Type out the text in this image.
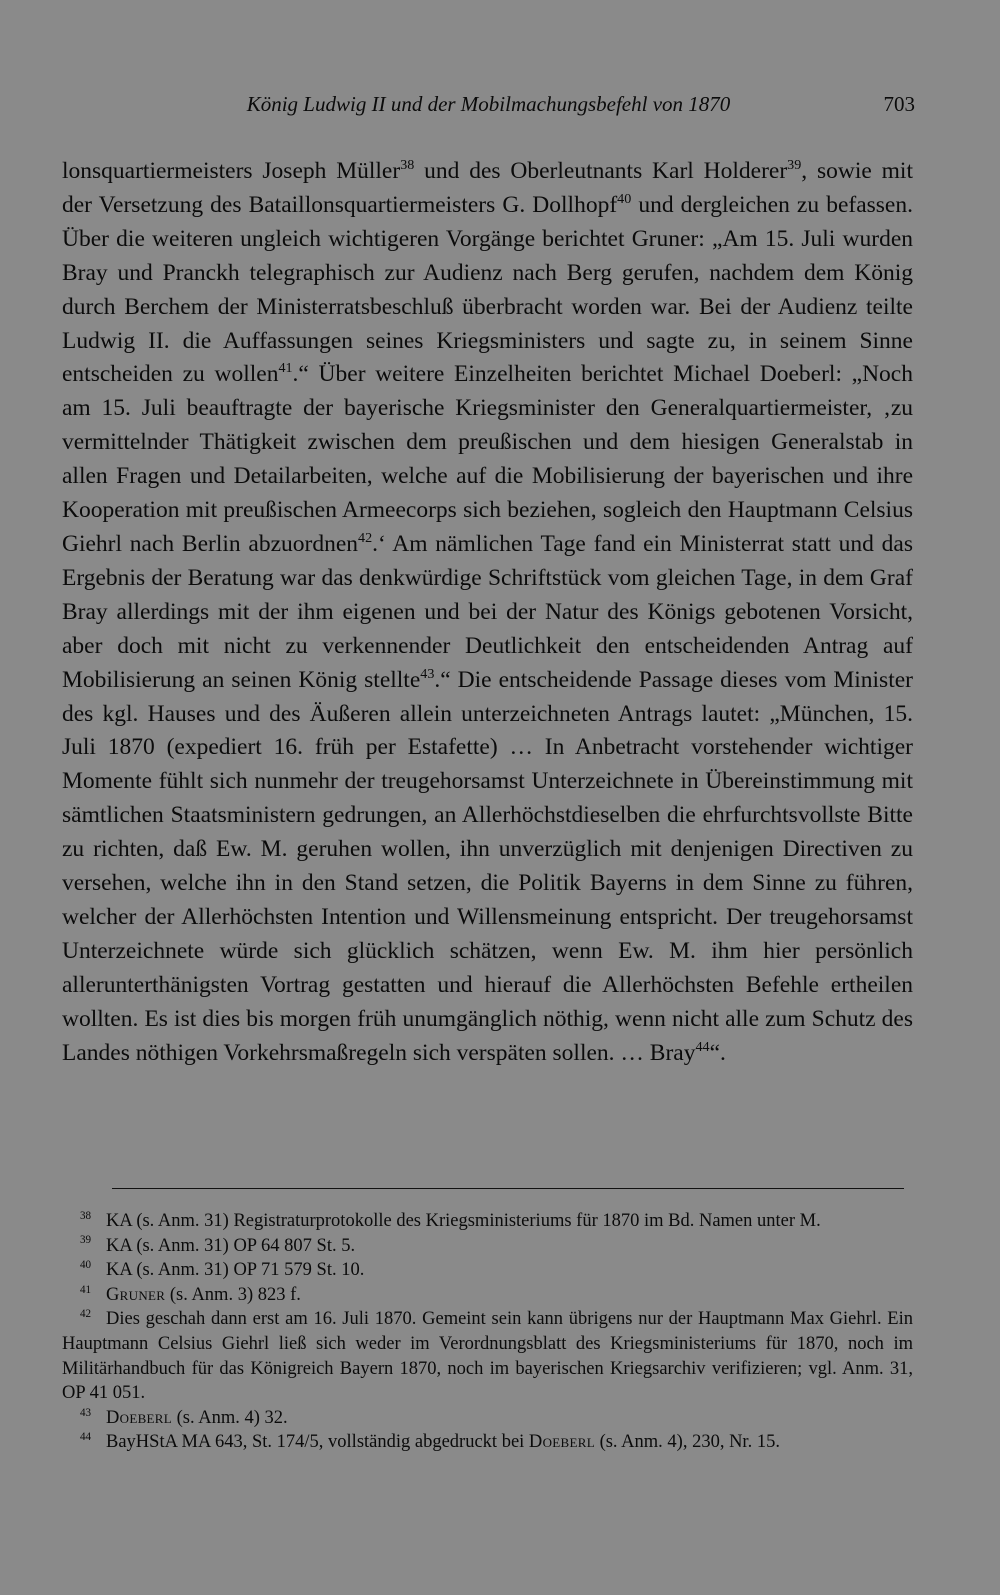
König Ludwig II und der Mobilmachungsbefehl von 1870	703
lonsquartiermeisters Joseph Müller$^{38}$ und des Oberleutnants Karl Holderer$^{39}$, sowie mit der Versetzung des Bataillonsquartiermeisters G. Dollhopf$^{40}$ und dergleichen zu befassen. Über die weiteren ungleich wichtigeren Vorgänge berichtet Gruner: „Am 15. Juli wurden Bray und Pranckh telegraphisch zur Audienz nach Berg gerufen, nachdem dem König durch Berchem der Ministerratsbeschluß überbracht worden war. Bei der Audienz teilte Ludwig II. die Auffassungen seines Kriegsministers und sagte zu, in seinem Sinne entscheiden zu wollen$^{41}$.“ Über weitere Einzelheiten berichtet Michael Doeberl: „Noch am 15. Juli beauftragte der bayerische Kriegsminister den Generalquartiermeister, ‚zu vermittelnder Thätigkeit zwischen dem preußischen und dem hiesigen Generalstab in allen Fragen und Detailarbeiten, welche auf die Mobilisierung der bayerischen und ihre Kooperation mit preußischen Armeecorps sich beziehen, sogleich den Hauptmann Celsius Giehrl nach Berlin abzuordnen$^{42}$.‘ Am nämlichen Tage fand ein Ministerrat statt und das Ergebnis der Beratung war das denkwürdige Schriftstück vom gleichen Tage, in dem Graf Bray allerdings mit der ihm eigenen und bei der Natur des Königs gebotenen Vorsicht, aber doch mit nicht zu verkennender Deutlichkeit den entscheidenden Antrag auf Mobilisierung an seinen König stellte$^{43}$.“ Die entscheidende Passage dieses vom Minister des kgl. Hauses und des Äußeren allein unterzeichneten Antrags lautet: „München, 15. Juli 1870 (expediert 16. früh per Estafette) … In Anbetracht vorstehender wichtiger Momente fühlt sich nunmehr der treugehorsamst Unterzeichnete in Übereinstimmung mit sämtlichen Staatsministern gedrungen, an Allerhöchstdieselben die ehrfurchtsvollste Bitte zu richten, daß Ew. M. geruhen wollen, ihn unverzüglich mit denjenigen Directiven zu versehen, welche ihn in den Stand setzen, die Politik Bayerns in dem Sinne zu führen, welcher der Allerhöchsten Intention und Willensmeinung entspricht. Der treugehorsamst Unterzeichnete würde sich glücklich schätzen, wenn Ew. M. ihm hier persönlich allerunterthänigsten Vortrag gestatten und hierauf die Allerhöchsten Befehle ertheilen wollten. Es ist dies bis morgen früh unumgänglich nöthig, wenn nicht alle zum Schutz des Landes nöthigen Vorkehrsmaßregeln sich verspäten sollen. … Bray$^{44}$“.

$^{38}$ KA (s. Anm. 31) Registraturprotokolle des Kriegsministeriums für 1870 im Bd. Namen unter M.

$^{39}$ KA (s. Anm. 31) OP 64 807 St. 5.

$^{40}$ KA (s. Anm. 31) OP 71 579 St. 10.

$^{41}$ Gruner (s. Anm. 3) 823 f.

$^{42}$ Dies geschah dann erst am 16. Juli 1870. Gemeint sein kann übrigens nur der Hauptmann Max Giehrl. Ein Hauptmann Celsius Giehrl ließ sich weder im Verordnungsblatt des Kriegsministeriums für 1870, noch im Militärhandbuch für das Königreich Bayern 1870, noch im bayerischen Kriegsarchiv verifizieren; vgl. Anm. 31, OP 41 051.

$^{43}$ Doeberl (s. Anm. 4) 32.

$^{44}$ BayHStA MA 643, St. 174/5, vollständig abgedruckt bei Doeberl (s. Anm. 4), 230, Nr. 15.
